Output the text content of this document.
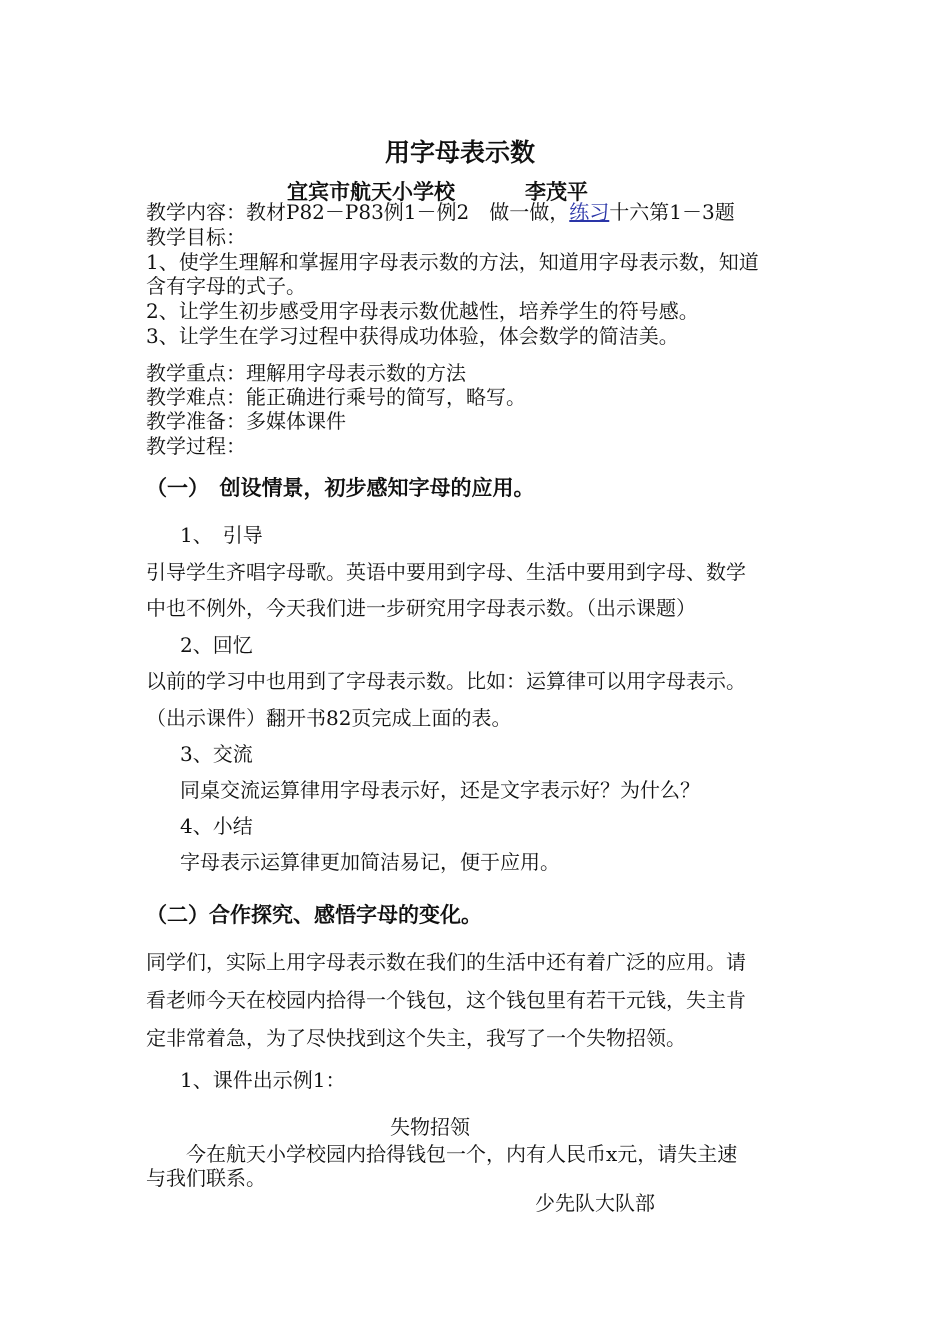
用字母表示数
宜宾市航天小学校	李茂平
教学内容：教材P82－P83例1－例2　做一做，练习十六第1－3题
教学目标：
1、使学生理解和掌握用字母表示数的方法，知道用字母表示数，知道
含有字母的式子。
2、让学生初步感受用字母表示数优越性，培养学生的符号感。
3、让学生在学习过程中获得成功体验，体会数学的简洁美。
教学重点：理解用字母表示数的方法
教学难点：能正确进行乘号的简写，略写。
教学准备：多媒体课件
教学过程：
（一）　创设情景，初步感知字母的应用。
1、　引导
引导学生齐唱字母歌。英语中要用到字母、生活中要用到字母、数学
中也不例外，今天我们进一步研究用字母表示数。（出示课题）
2、回忆
以前的学习中也用到了字母表示数。比如：运算律可以用字母表示。
（出示课件）翻开书82页完成上面的表。
3、交流
同桌交流运算律用字母表示好，还是文字表示好？为什么？
4、小结
字母表示运算律更加简洁易记，便于应用。
（二）合作探究、感悟字母的变化。
同学们，实际上用字母表示数在我们的生活中还有着广泛的应用。请
看老师今天在校园内拾得一个钱包，这个钱包里有若干元钱，失主肯
定非常着急，为了尽快找到这个失主，我写了一个失物招领。
1、课件出示例1：
失物招领
　　今在航天小学校园内拾得钱包一个，内有人民币x元，请失主速
与我们联系。
少先队大队部
